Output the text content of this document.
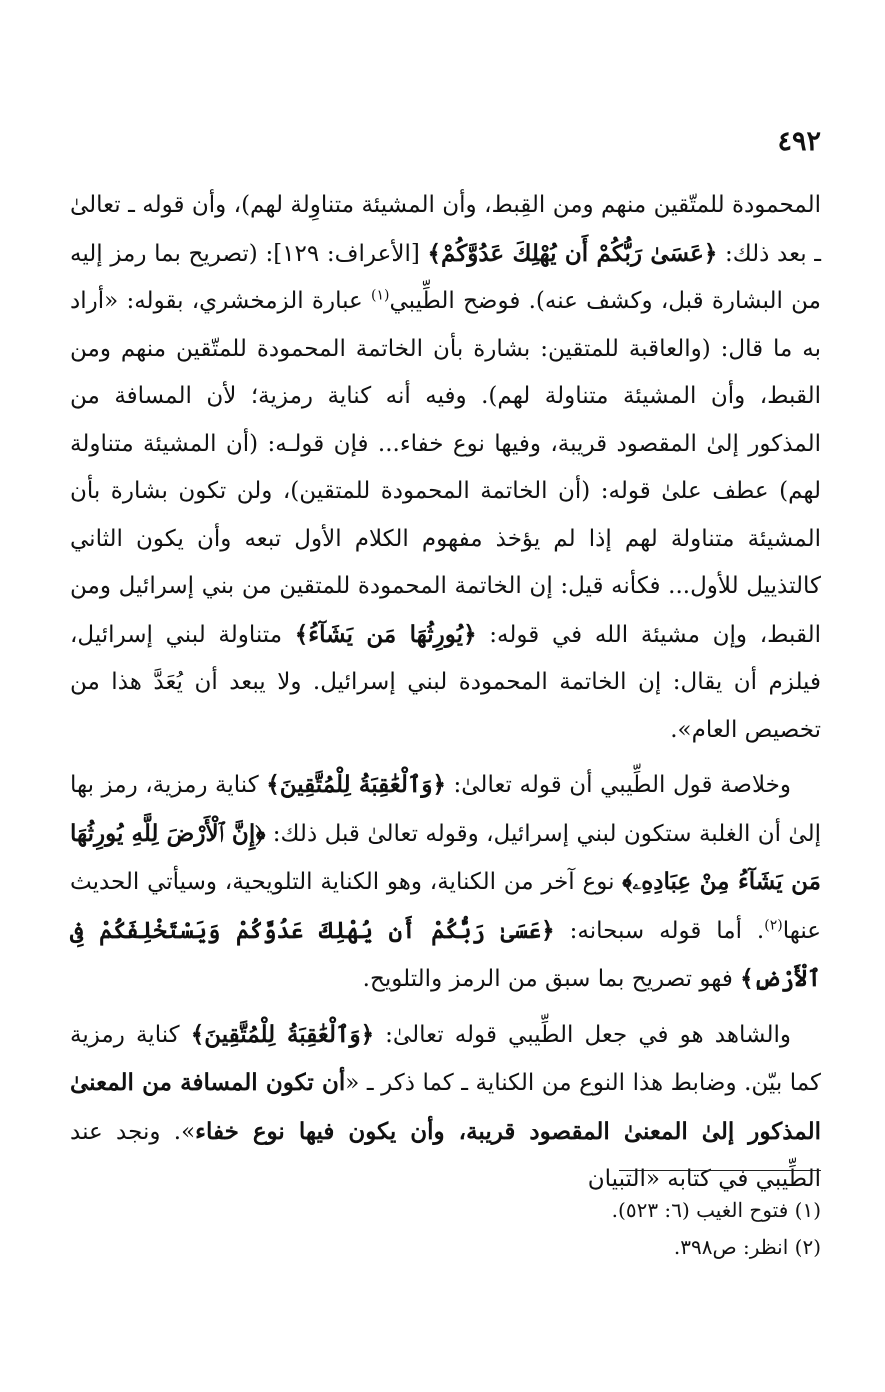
٤٩٢

المحمودة للمتّقين منهم ومن القِبط، وأن المشيئة متناوِلة لهم)، وأن قوله ـ تعالىٰ ـ بعد ذلك: ﴿عَسَىٰ رَبُّكُمْ أَن يُهْلِكَ عَدُوَّكُمْ﴾ [الأعراف: ١٢٩]: (تصريح بما رمز إليه من البشارة قبل، وكشف عنه). فوضح الطِّيبي$^{(١)}$ عبارة الزمخشري، بقوله: «أراد به ما قال: (والعاقبة للمتقين: بشارة بأن الخاتمة المحمودة للمتّقين منهم ومن القبط، وأن المشيئة متناولة لهم). وفيه أنه كناية رمزية؛ لأن المسافة من المذكور إلىٰ المقصود قريبة، وفيها نوع خفاء... فإن قولـه: (أن المشيئة متناولة لهم) عطف علىٰ قوله: (أن الخاتمة المحمودة للمتقين)، ولن تكون بشارة بأن المشيئة متناولة لهم إذا لم يؤخذ مفهوم الكلام الأول تبعه وأن يكون الثاني كالتذييل للأول... فكأنه قيل: إن الخاتمة المحمودة للمتقين من بني إسرائيل ومن القبط، وإن مشيئة الله في قوله: ﴿يُورِثُهَا مَن يَشَآءُ﴾ متناولة لبني إسرائيل، فيلزم أن يقال: إن الخاتمة المحمودة لبني إسرائيل. ولا يبعد أن يُعَدَّ هذا من تخصيص العام».

وخلاصة قول الطِّيبي أن قوله تعالىٰ: ﴿وَٱلْعَٰقِبَةُ لِلْمُتَّقِينَ﴾ كناية رمزية، رمز بها إلىٰ أن الغلبة ستكون لبني إسرائيل، وقوله تعالىٰ قبل ذلك: ﴿إِنَّ ٱلْأَرْضَ لِلَّهِ يُورِثُهَا مَن يَشَآءُ مِنْ عِبَادِهِۦ﴾ نوع آخر من الكناية، وهو الكناية التلويحية، وسيأتي الحديث عنها$^{(٢)}$. أما قوله سبحانه: ﴿عَسَىٰ رَبُّكُمْ أَن يُهْلِكَ عَدُوَّكُمْ وَيَسْتَخْلِفَكُمْ فِى ٱلْأَرْضِ﴾ فهو تصريح بما سبق من الرمز والتلويح.

والشاهد هو في جعل الطِّيبي قوله تعالىٰ: ﴿وَٱلْعَٰقِبَةُ لِلْمُتَّقِينَ﴾ كناية رمزية كما بيّن. وضابط هذا النوع من الكناية ـ كما ذكر ـ «أن تكون المسافة من المعنىٰ المذكور إلىٰ المعنىٰ المقصود قريبة، وأن يكون فيها نوع خفاء». ونجد عند الطِّيبي في كتابه «التبيان

(١) فتوح الغيب (٦: ٥٢٣).

(٢) انظر: ص٣٩٨.
